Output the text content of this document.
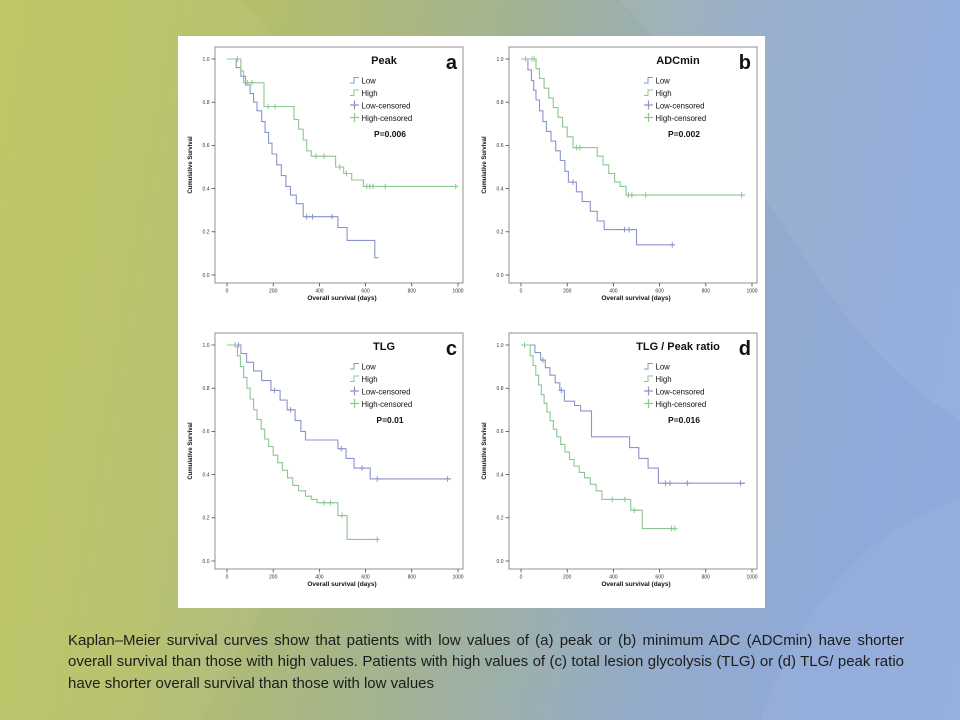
0.0
0.2
0.4
0.6
0.8
1.0
0	200	400	600	800	1000
Cumulative Survival
Overall survival (days)
Peak a
P=0.006
Low
High
Low-censored
High-censored
0.0
0.2
0.4
0.6
0.8
1.0
0	200	400	600	800	1000
Cumulative Survival
Overall survival (days)
ADCmin b
P=0.002
Low
High
Low-censored
High-censored
0.0
0.2
0.4
0.6
0.8
1.0
0	200	400	600	800	1000
Cumulative Survival
Overall survival (days)
TLG	c
P=0.01
Low
High
Low-censored
High-censored
0.0
0.2
0.4
0.6
0.8
1.0
0	200	400	600	800	1000
Cumulative Survival
Overall survival (days)
TLG / Peak ratio d
P=0.016
Low
High
Low-censored
High-censored
Kaplan–Meier survival curves show that patients with low values of (a) peak or (b) minimum ADC (ADCmin) have shorter overall survival than those with high values. Patients with high values of (c) total lesion glycolysis (TLG) or (d) TLG/ peak ratio have shorter overall survival than those with low values
